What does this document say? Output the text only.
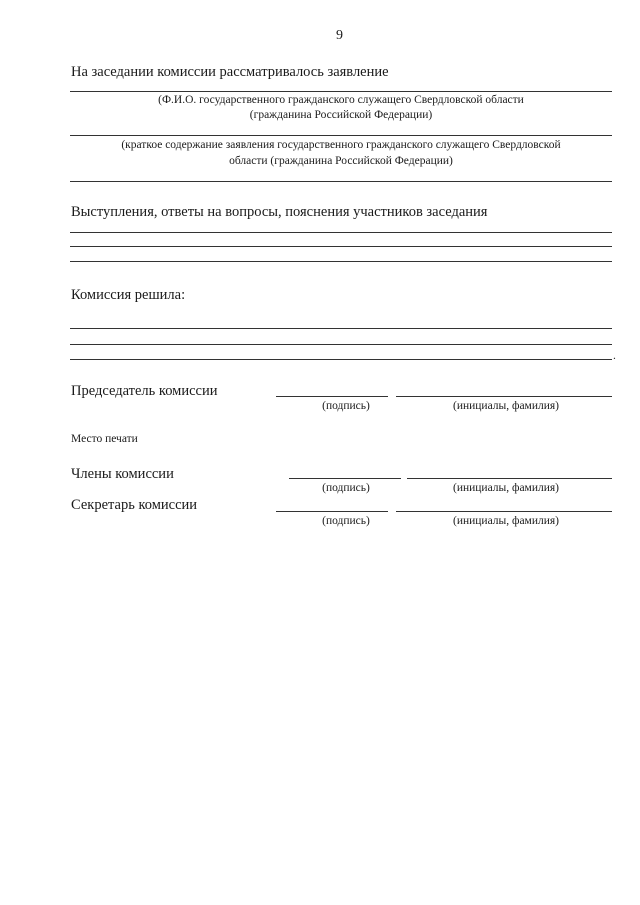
9
На заседании комиссии рассматривалось заявление
(Ф.И.О. государственного гражданского служащего Свердловской области
(гражданина Российской Федерации)
(краткое содержание заявления государственного гражданского служащего Свердловской
области (гражданина Российской Федерации)
Выступления, ответы на вопросы, пояснения участников заседания
Комиссия решила:
.
Председатель комиссии
(подпись)	(инициалы, фамилия)
Место печати
Члены комиссии
(подпись)	(инициалы, фамилия)
Секретарь комиссии
(подпись)	(инициалы, фамилия)
